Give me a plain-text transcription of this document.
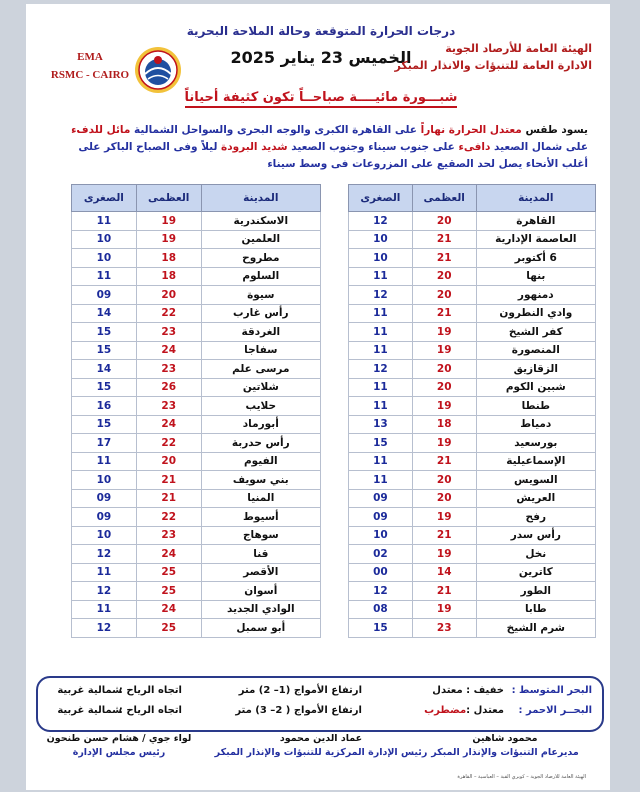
درجات الحرارة المتوقعة وحالة الملاحة البحرية
الخميس 23 يناير 2025	الهيئة العامة للأرصاد الجوية
الادارة العامة للتنبؤات والانذار المبكر
EMA
RSMC - CAIRO
شبـــورة مائيــــة صباحــاً تكون كثيفة أحياناً
يسود طقس معتدل الحرارة نهاراً على القاهرة الكبرى والوجه البحرى والسواحل الشمالية مائل للدفء على شمال الصعيد دافىء على جنوب سيناء وجنوب الصعيد شديد البرودة ليلاً وفى الصباح الباكر على أغلب الأنحاء يصل لحد الصقيع على المزروعات فى وسط سيناء
المدينة	العظمى	الصغرى
القاهرة	20	12
العاصمة الإدارية	21	10
6 أكتوبر	21	10
بنها	20	11
دمنهور	20	12
وادي النطرون	21	11
كفر الشيخ	19	11
المنصورة	19	11
الزقازيق	20	12
شبين الكوم	20	11
طنطا	19	11
دمياط	18	13
بورسعيد	19	15
الإسماعيلية	21	11
السويس	20	11
العريش	20	09
رفح	19	09
رأس سدر	21	10
نخل	19	02
كاترين	14	00
الطور	21	12
طابا	19	08
شرم الشيخ	23	15
المدينة	العظمى	الصغرى
الاسكندرية	19	11
العلمين	19	10
مطروح	18	10
السلوم	18	11
سيوة	20	09
رأس غارب	22	14
الغردقة	23	15
سفاجا	24	15
مرسى علم	23	14
شلاتين	26	15
حلايب	23	16
أبورماد	24	15
رأس حدربة	22	17
الفيوم	20	11
بني سويف	21	10
المنيا	21	09
أسيوط	22	09
سوهاج	23	10
قنا	24	12
الأقصر	25	11
أسوان	25	12
الوادي الجديد	24	11
أبو سمبل	25	12
البحر المتوسط :
خفيف : معتدل
ارتفاع الأمواج (1– 2) متر
اتجاه الرياح :
شمالية غربية
البحــر الاحمر :
معتدل :مضطرب
ارتفاع الأمواج ( 2– 3) متر
اتجاه الرياح :
شمالية غربية
محمود شاهين
مديرعام التنبؤات والإنذار المبكر
عماد الدين محمود
رئيس الإدارة المركزية للتنبؤات والإنذار المبكر
لواء جوي / هشام حسن طنحون
رئيس مجلس الإدارة
الهيئة العامة للأرصاد الجوية – كوبري القبة – العباسية – القاهرة
